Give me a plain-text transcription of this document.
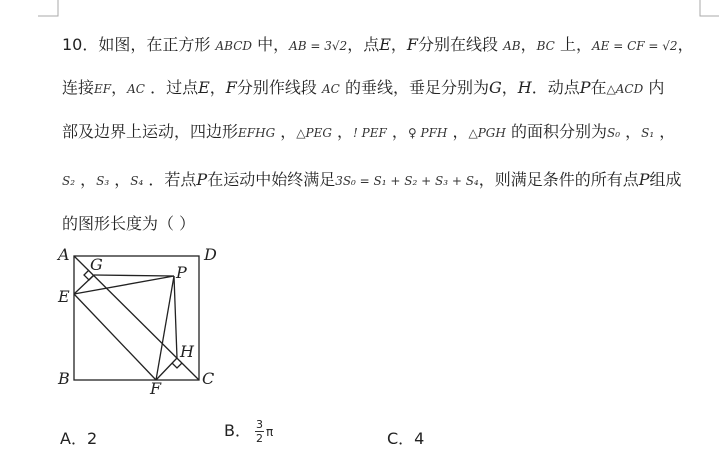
10．如图，在正方形 ABCD 中，AB = 3√2，点E，F分别在线段 AB，BC 上，AE = CF = √2，
连接EF，AC ．过点E，F分别作线段 AC 的垂线，垂足分别为G，H．动点P在△ACD 内
部及边界上运动，四边形EFHG ，△PEG ，! PEF ，♀ PFH ，△PGH 的面积分别为S₀ ，S₁ ，
S₂ ，S₃ ，S₄ ．若点P在运动中始终满足3S₀ = S₁ + S₂ + S₃ + S₄，则满足条件的所有点P组成
的图形长度为（ ）
A	D
G	P
E
H
B
F
C
A．2	B． $\frac{3}{2}$ π	C．4
